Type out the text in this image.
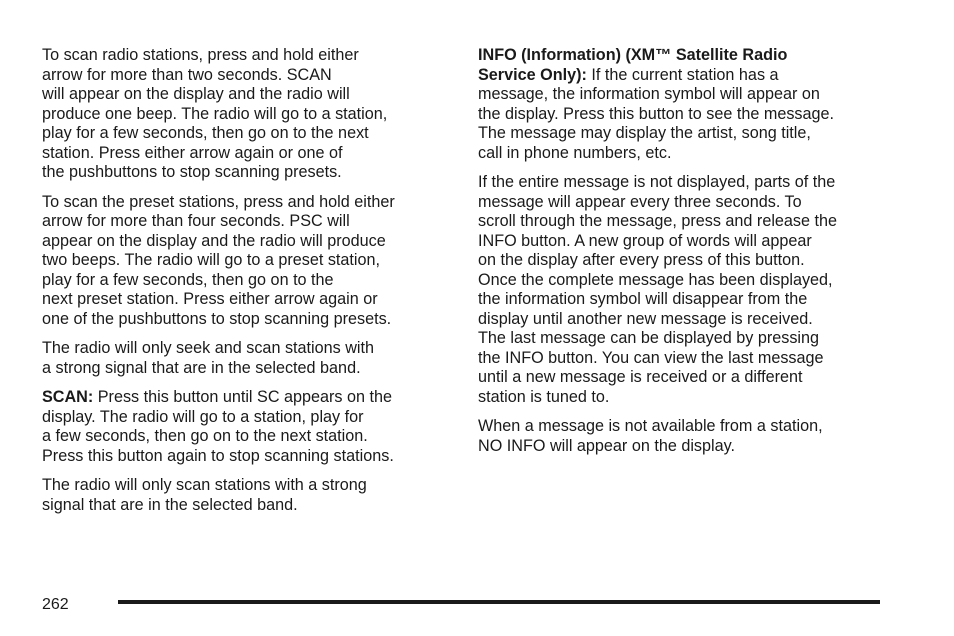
To scan radio stations, press and hold either
arrow for more than two seconds. SCAN
will appear on the display and the radio will
produce one beep. The radio will go to a station,
play for a few seconds, then go on to the next
station. Press either arrow again or one of
the pushbuttons to stop scanning presets.

To scan the preset stations, press and hold either
arrow for more than four seconds. PSC will
appear on the display and the radio will produce
two beeps. The radio will go to a preset station,
play for a few seconds, then go on to the
next preset station. Press either arrow again or
one of the pushbuttons to stop scanning presets.

The radio will only seek and scan stations with
a strong signal that are in the selected band.

SCAN: Press this button until SC appears on the
display. The radio will go to a station, play for
a few seconds, then go on to the next station.
Press this button again to stop scanning stations.

The radio will only scan stations with a strong
signal that are in the selected band.

INFO (Information) (XM™ Satellite Radio
Service Only): If the current station has a
message, the information symbol will appear on
the display. Press this button to see the message.
The message may display the artist, song title,
call in phone numbers, etc.

If the entire message is not displayed, parts of the
message will appear every three seconds. To
scroll through the message, press and release the
INFO button. A new group of words will appear
on the display after every press of this button.
Once the complete message has been displayed,
the information symbol will disappear from the
display until another new message is received.
The last message can be displayed by pressing
the INFO button. You can view the last message
until a new message is received or a different
station is tuned to.

When a message is not available from a station,
NO INFO will appear on the display.

262
